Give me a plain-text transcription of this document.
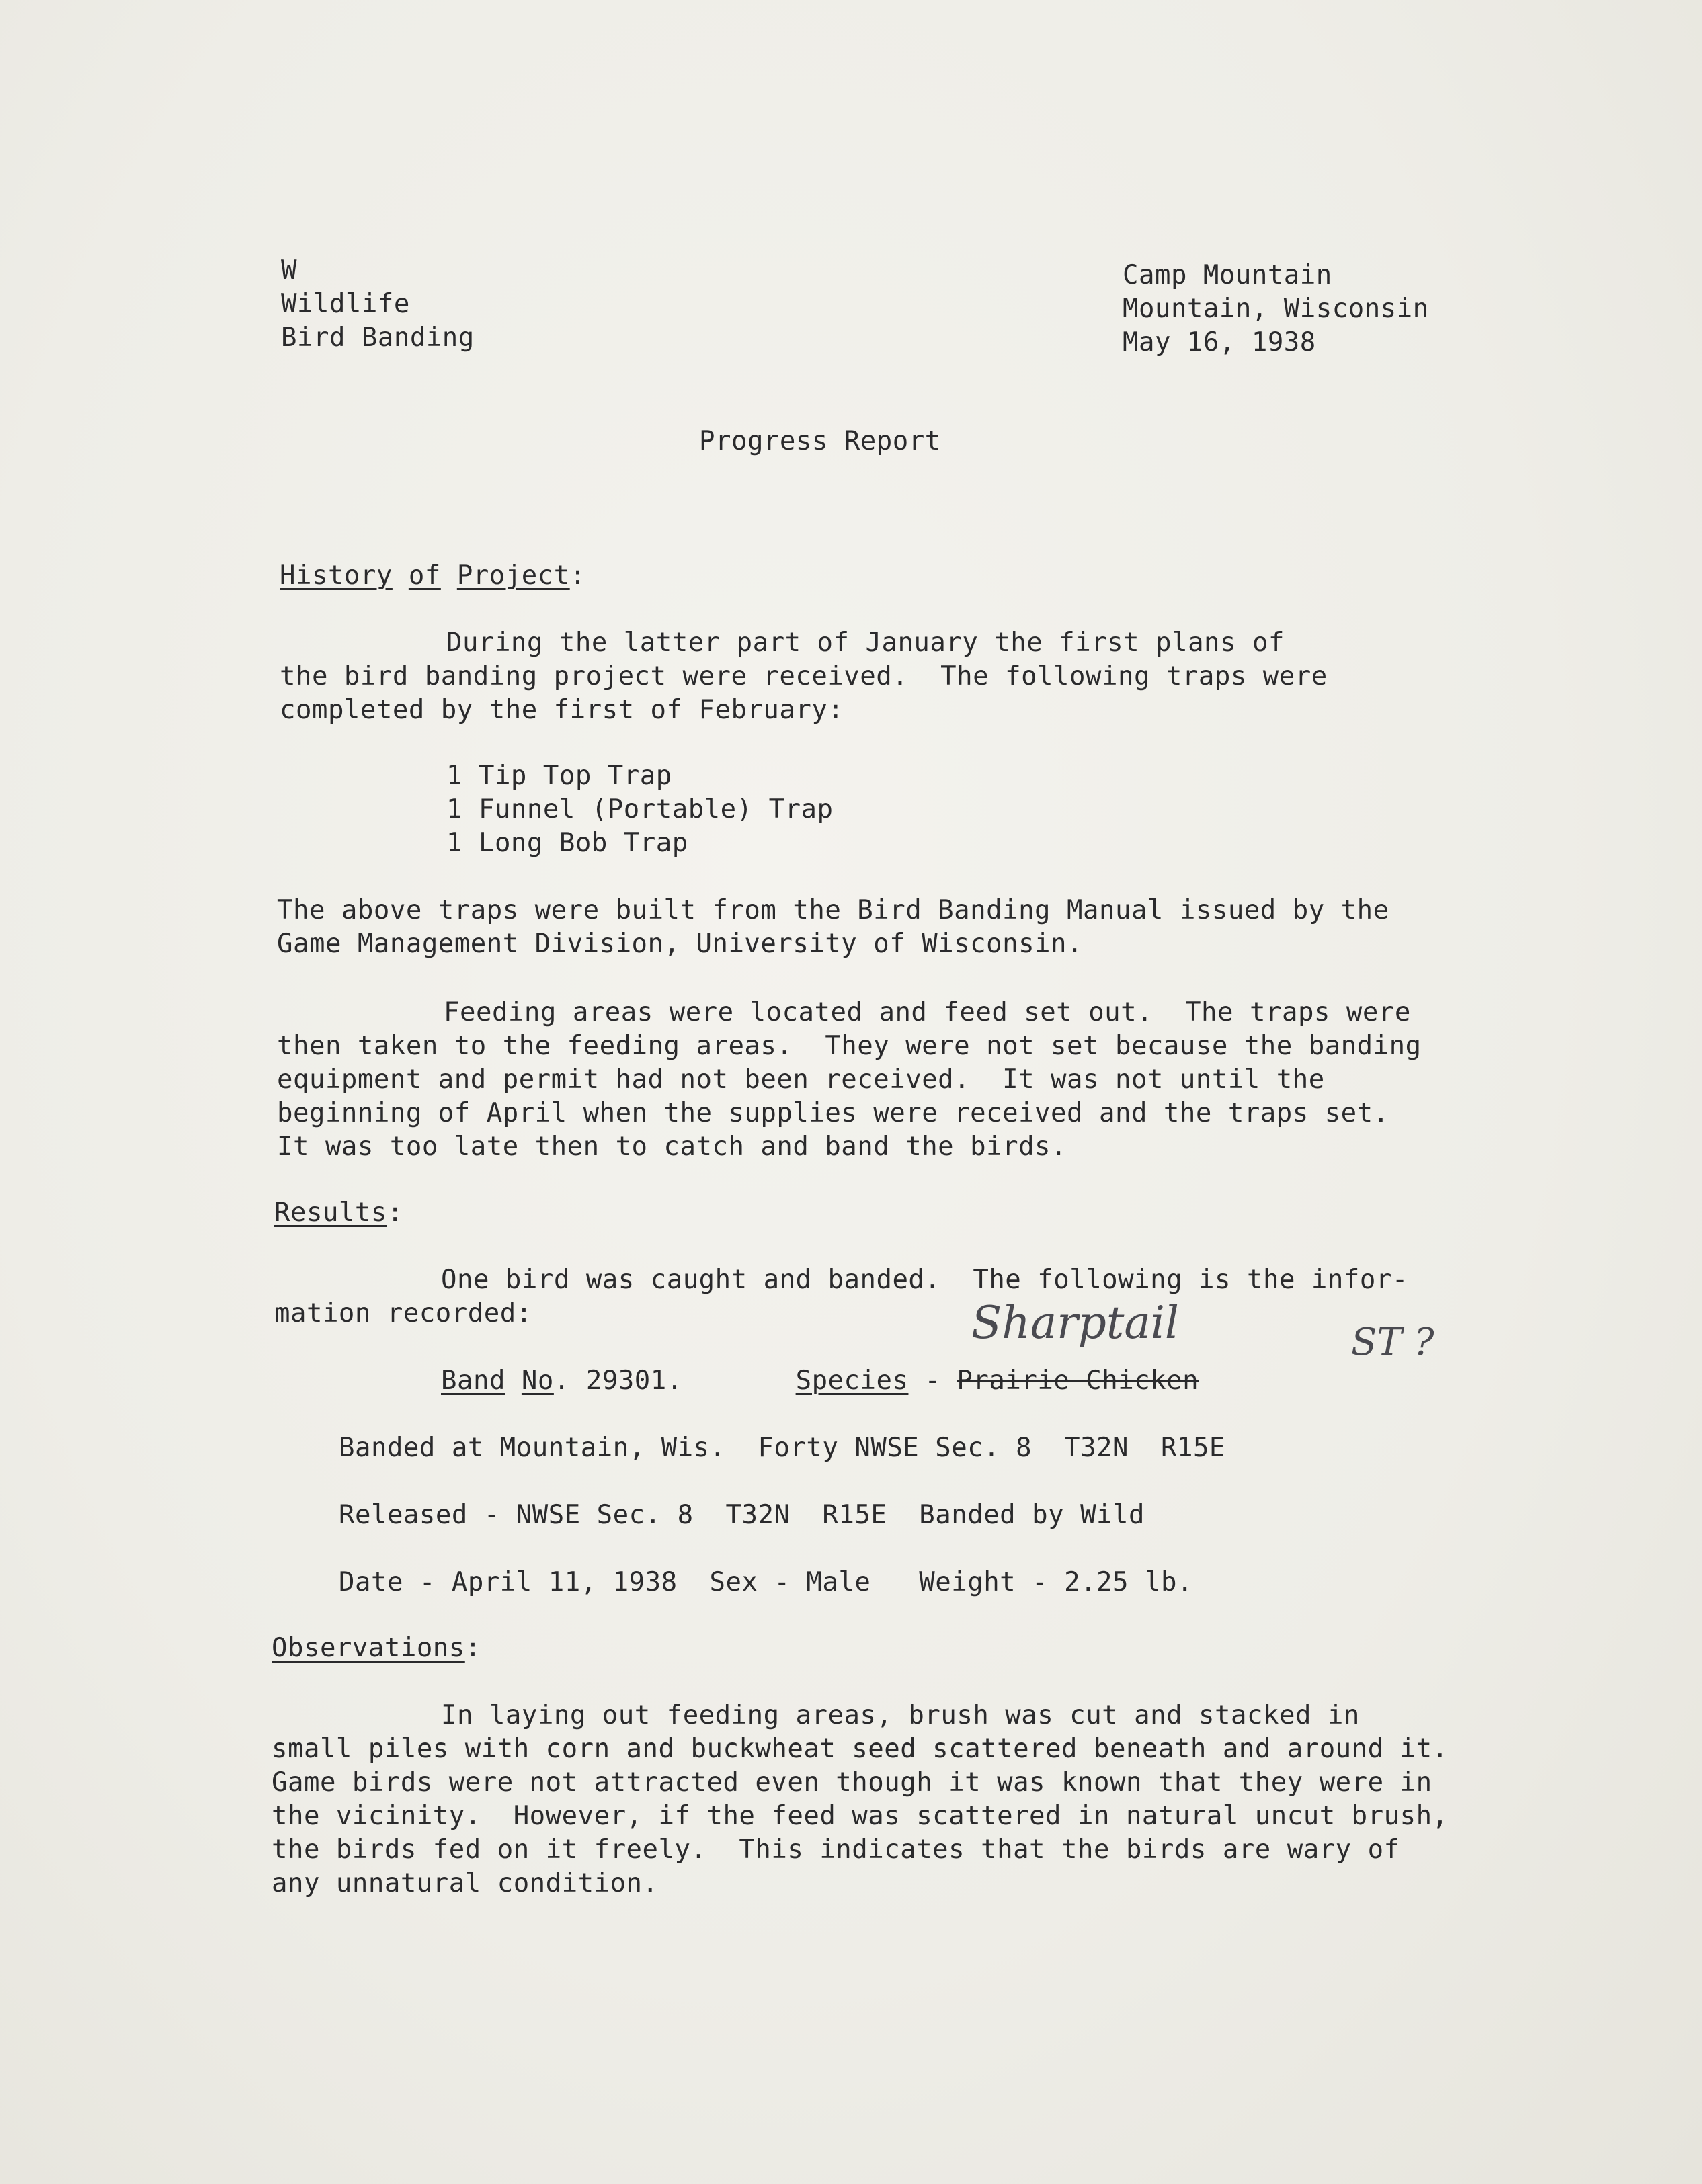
W
Wildlife
Bird Banding
Camp Mountain
Mountain, Wisconsin
May 16, 1938
Progress Report
History of Project:
During the latter part of January the first plans of
the bird banding project were received.  The following traps were
completed by the first of February:
1 Tip Top Trap
1 Funnel (Portable) Trap
1 Long Bob Trap
The above traps were built from the Bird Banding Manual issued by the
Game Management Division, University of Wisconsin.
Feeding areas were located and feed set out.  The traps were
then taken to the feeding areas.  They were not set because the banding
equipment and permit had not been received.  It was not until the
beginning of April when the supplies were received and the traps set.
It was too late then to catch and band the birds.
Results:
One bird was caught and banded.  The following is the infor-
mation recorded:	Sharptail	ST ?
Band No. 29301.	Species - Prairie Chicken
Banded at Mountain, Wis.  Forty NWSE Sec. 8  T32N  R15E
Released - NWSE Sec. 8  T32N  R15E  Banded by Wild
Date - April 11, 1938  Sex - Male   Weight - 2.25 lb.
Observations:
In laying out feeding areas, brush was cut and stacked in
small piles with corn and buckwheat seed scattered beneath and around it.
Game birds were not attracted even though it was known that they were in
the vicinity.  However, if the feed was scattered in natural uncut brush,
the birds fed on it freely.  This indicates that the birds are wary of
any unnatural condition.
